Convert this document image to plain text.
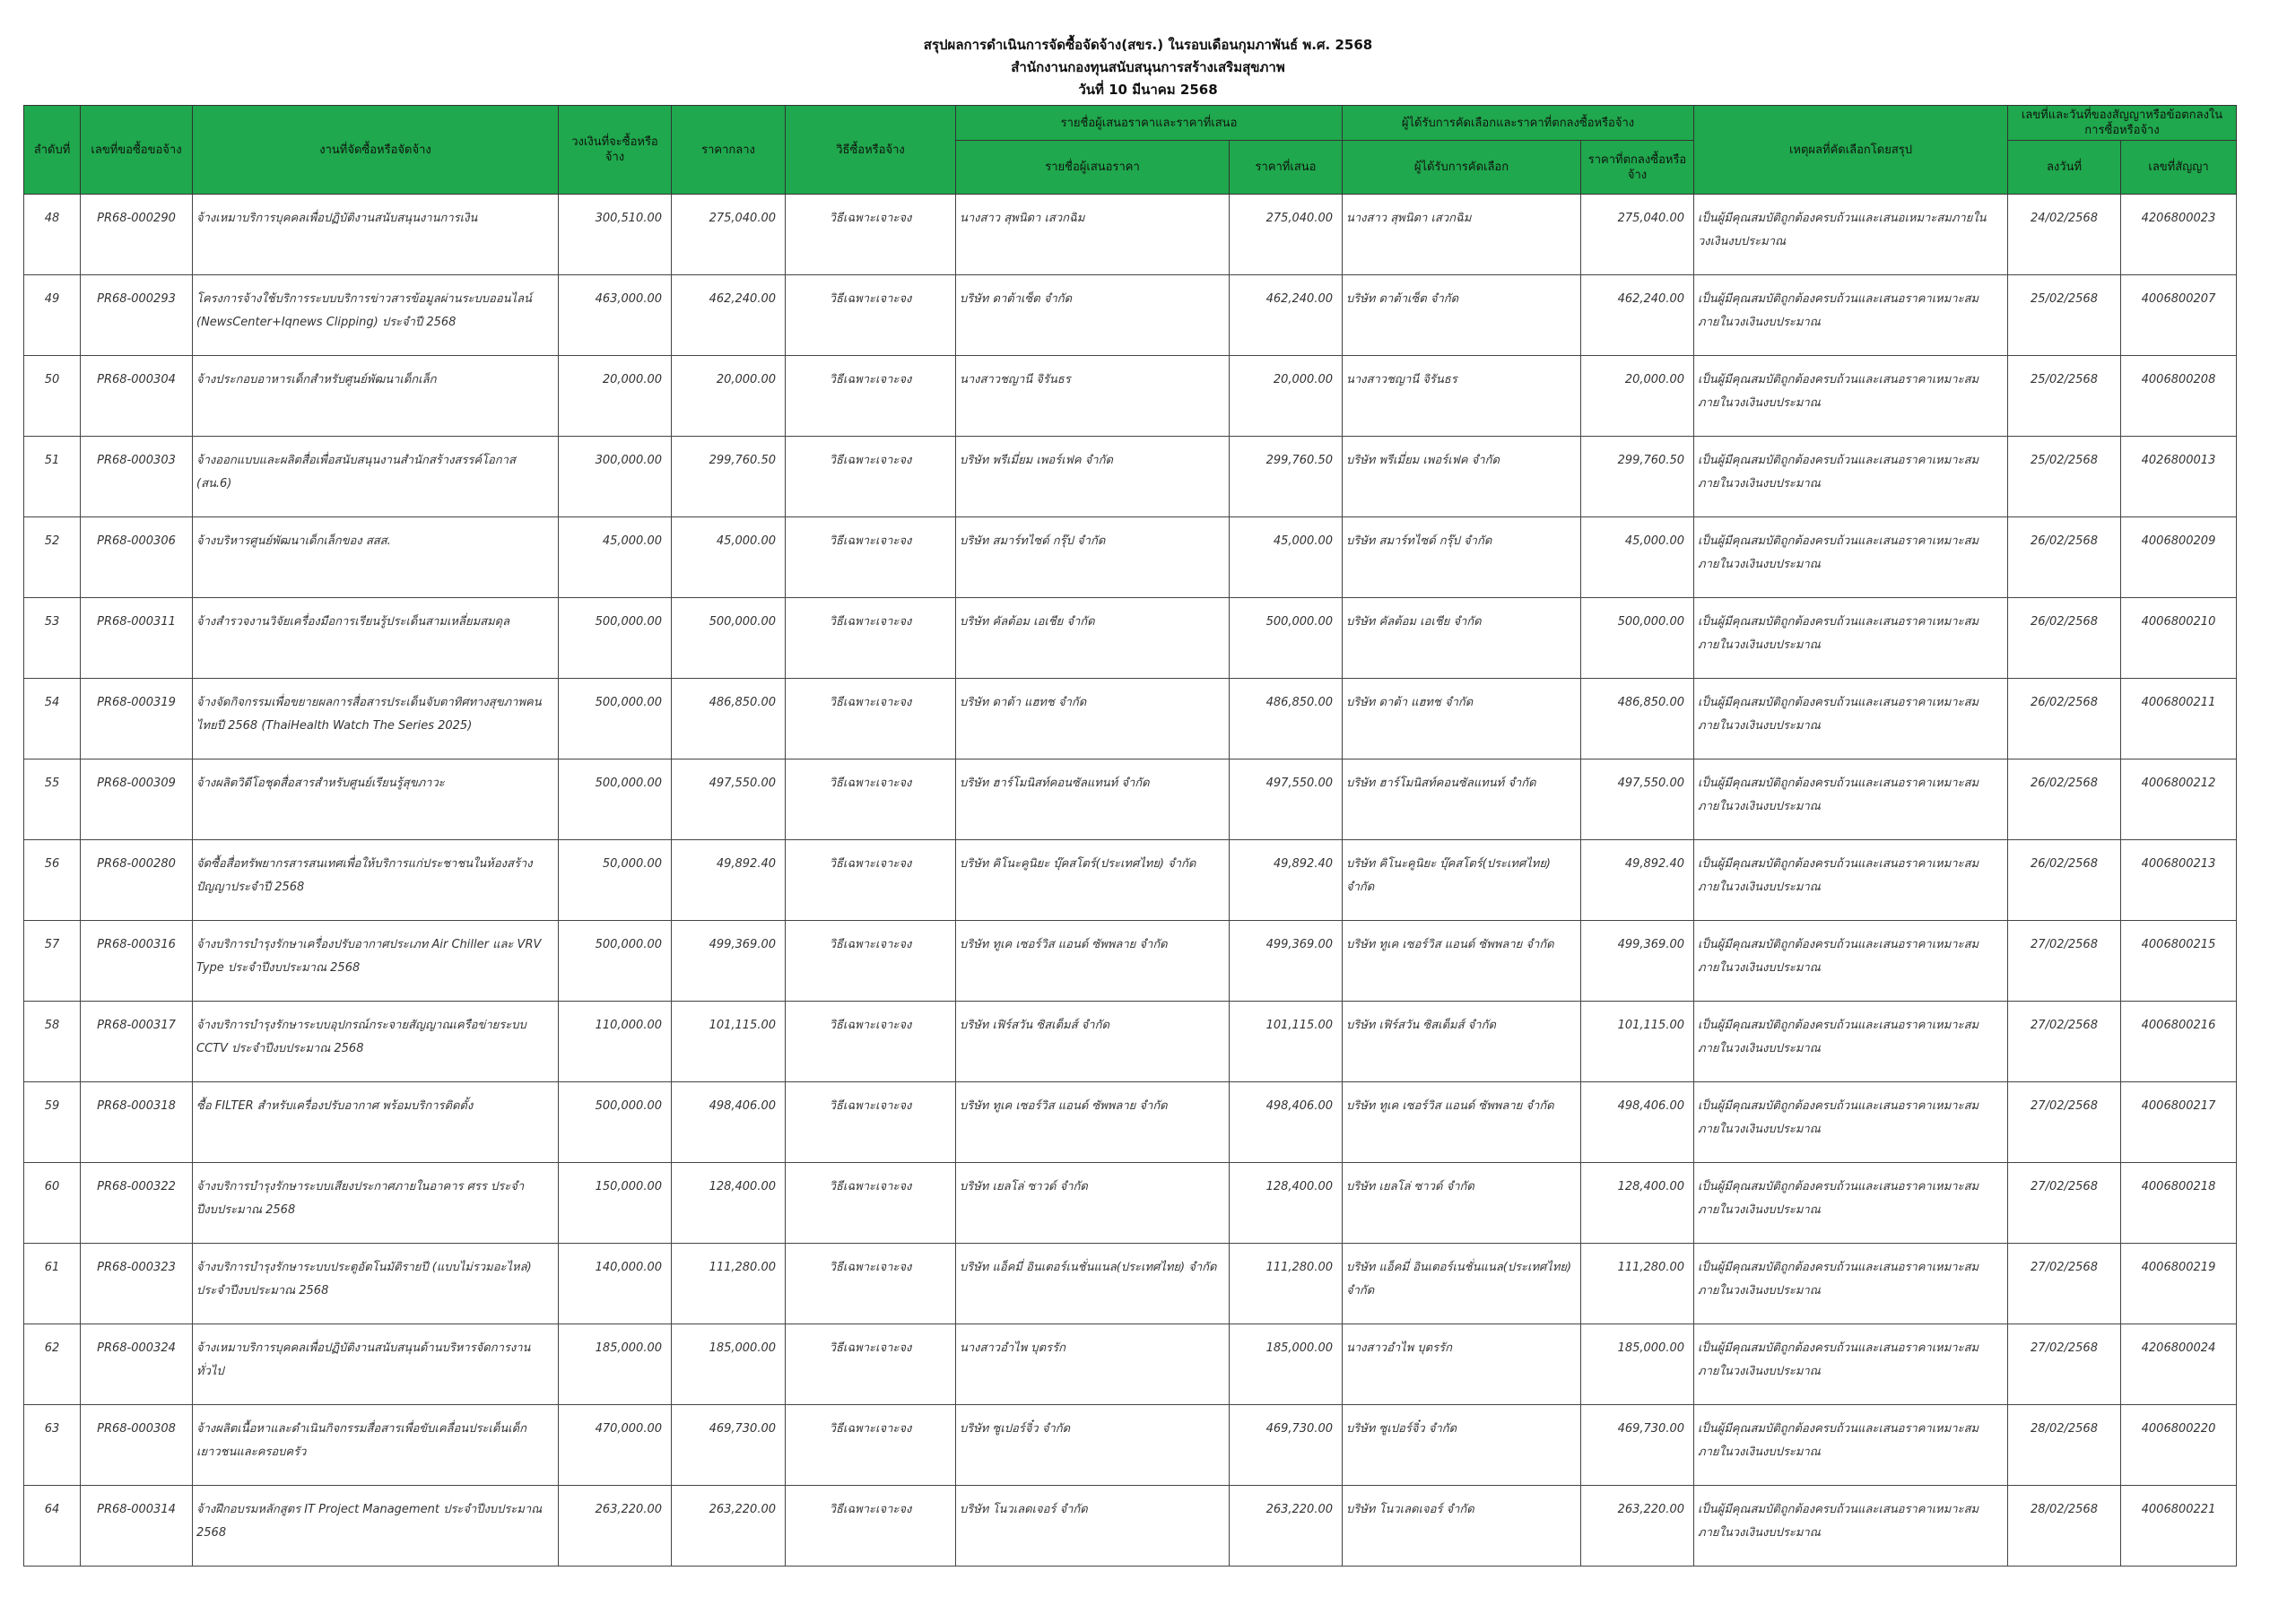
สรุปผลการดำเนินการจัดซื้อจัดจ้าง(สขร.) ในรอบเดือนกุมภาพันธ์ พ.ศ. 2568
สำนักงานกองทุนสนับสนุนการสร้างเสริมสุขภาพ
วันที่ 10 มีนาคม 2568
ลำดับที่	เลขที่ขอซื้อขอจ้าง	งานที่จัดซื้อหรือจัดจ้าง	วงเงินที่จะซื้อหรือจ้าง	ราคากลาง	วิธีซื้อหรือจ้าง	รายชื่อผู้เสนอราคาและราคาที่เสนอ		ผู้ได้รับการคัดเลือกและราคาที่ตกลงซื้อหรือจ้าง		เหตุผลที่คัดเลือกโดยสรุป	เลขที่และวันที่ของสัญญาหรือข้อตกลงในการซื้อหรือจ้าง	
						รายชื่อผู้เสนอราคา	ราคาที่เสนอ	ผู้ได้รับการคัดเลือก	ราคาที่ตกลงซื้อหรือจ้าง		ลงวันที่	เลขที่สัญญา
48	PR68-000290	จ้างเหมาบริการบุคคลเพื่อปฏิบัติงานสนับสนุนงานการเงิน	300,510.00	275,040.00	วิธีเฉพาะเจาะจง	นางสาว สุพนิดา เสวกฉิม	275,040.00	นางสาว สุพนิดา เสวกฉิม	275,040.00	เป็นผู้มีคุณสมบัติถูกต้องครบถ้วนและเสนอเหมาะสมภายในวงเงินงบประมาณ	24/02/2568	4206800023
49	PR68-000293	โครงการจ้างใช้บริการระบบบริการข่าวสารข้อมูลผ่านระบบออนไลน์ (NewsCenter+Iqnews Clipping) ประจำปี 2568	463,000.00	462,240.00	วิธีเฉพาะเจาะจง	บริษัท ดาต้าเซ็ต จำกัด	462,240.00	บริษัท ดาต้าเซ็ต จำกัด	462,240.00	เป็นผู้มีคุณสมบัติถูกต้องครบถ้วนและเสนอราคาเหมาะสมภายในวงเงินงบประมาณ	25/02/2568	4006800207
50	PR68-000304	จ้างประกอบอาหารเด็กสำหรับศูนย์พัฒนาเด็กเล็ก	20,000.00	20,000.00	วิธีเฉพาะเจาะจง	นางสาวชญานี จิรันธร	20,000.00	นางสาวชญานี จิรันธร	20,000.00	เป็นผู้มีคุณสมบัติถูกต้องครบถ้วนและเสนอราคาเหมาะสมภายในวงเงินงบประมาณ	25/02/2568	4006800208
51	PR68-000303	จ้างออกแบบและผลิตสื่อเพื่อสนับสนุนงานสำนักสร้างสรรค์โอกาส (สน.6)	300,000.00	299,760.50	วิธีเฉพาะเจาะจง	บริษัท พรีเมี่ยม เพอร์เฟค จำกัด	299,760.50	บริษัท พรีเมี่ยม เพอร์เฟค จำกัด	299,760.50	เป็นผู้มีคุณสมบัติถูกต้องครบถ้วนและเสนอราคาเหมาะสมภายในวงเงินงบประมาณ	25/02/2568	4026800013
52	PR68-000306	จ้างบริหารศูนย์พัฒนาเด็กเล็กของ สสส.	45,000.00	45,000.00	วิธีเฉพาะเจาะจง	บริษัท สมาร์ทไซด์ กรุ๊ป จำกัด	45,000.00	บริษัท สมาร์ทไซด์ กรุ๊ป จำกัด	45,000.00	เป็นผู้มีคุณสมบัติถูกต้องครบถ้วนและเสนอราคาเหมาะสมภายในวงเงินงบประมาณ	26/02/2568	4006800209
53	PR68-000311	จ้างสำรวจงานวิจัยเครื่องมือการเรียนรู้ประเด็นสามเหลี่ยมสมดุล	500,000.00	500,000.00	วิธีเฉพาะเจาะจง	บริษัท คัลต้อม เอเชีย จำกัด	500,000.00	บริษัท คัลต้อม เอเชีย จำกัด	500,000.00	เป็นผู้มีคุณสมบัติถูกต้องครบถ้วนและเสนอราคาเหมาะสมภายในวงเงินงบประมาณ	26/02/2568	4006800210
54	PR68-000319	จ้างจัดกิจกรรมเพื่อขยายผลการสื่อสารประเด็นจับตาทิศทางสุขภาพคนไทยปี 2568 (ThaiHealth Watch The Series 2025)	500,000.00	486,850.00	วิธีเฉพาะเจาะจง	บริษัท ดาต้า แฮทช จำกัด	486,850.00	บริษัท ดาต้า แฮทช จำกัด	486,850.00	เป็นผู้มีคุณสมบัติถูกต้องครบถ้วนและเสนอราคาเหมาะสมภายในวงเงินงบประมาณ	26/02/2568	4006800211
55	PR68-000309	จ้างผลิตวิดีโอชุดสื่อสารสำหรับศูนย์เรียนรู้สุขภาวะ	500,000.00	497,550.00	วิธีเฉพาะเจาะจง	บริษัท ฮาร์โมนิสท์คอนซัลแทนท์ จำกัด	497,550.00	บริษัท ฮาร์โมนิสท์คอนซัลแทนท์ จำกัด	497,550.00	เป็นผู้มีคุณสมบัติถูกต้องครบถ้วนและเสนอราคาเหมาะสมภายในวงเงินงบประมาณ	26/02/2568	4006800212
56	PR68-000280	จัดซื้อสื่อทรัพยากรสารสนเทศเพื่อให้บริการแก่ประชาชนในห้องสร้างปัญญาประจำปี 2568	50,000.00	49,892.40	วิธีเฉพาะเจาะจง	บริษัท คิโนะคูนิยะ บุ๊คสโตร์(ประเทศไทย) จำกัด	49,892.40	บริษัท คิโนะคูนิยะ บุ๊คสโตร์(ประเทศไทย) จำกัด	49,892.40	เป็นผู้มีคุณสมบัติถูกต้องครบถ้วนและเสนอราคาเหมาะสมภายในวงเงินงบประมาณ	26/02/2568	4006800213
57	PR68-000316	จ้างบริการบำรุงรักษาเครื่องปรับอากาศประเภท Air Chiller และ VRV Type ประจำปีงบประมาณ 2568	500,000.00	499,369.00	วิธีเฉพาะเจาะจง	บริษัท ทูเค เซอร์วิส แอนด์ ซัพพลาย จำกัด	499,369.00	บริษัท ทูเค เซอร์วิส แอนด์ ซัพพลาย จำกัด	499,369.00	เป็นผู้มีคุณสมบัติถูกต้องครบถ้วนและเสนอราคาเหมาะสมภายในวงเงินงบประมาณ	27/02/2568	4006800215
58	PR68-000317	จ้างบริการบำรุงรักษาระบบอุปกรณ์กระจายสัญญาณเครือข่ายระบบ CCTV ประจำปีงบประมาณ 2568	110,000.00	101,115.00	วิธีเฉพาะเจาะจง	บริษัท เฟิร์สวัน ซิสเต็มส์ จำกัด	101,115.00	บริษัท เฟิร์สวัน ซิสเต็มส์ จำกัด	101,115.00	เป็นผู้มีคุณสมบัติถูกต้องครบถ้วนและเสนอราคาเหมาะสมภายในวงเงินงบประมาณ	27/02/2568	4006800216
59	PR68-000318	ซื้อ FILTER สำหรับเครื่องปรับอากาศ พร้อมบริการติดตั้ง	500,000.00	498,406.00	วิธีเฉพาะเจาะจง	บริษัท ทูเค เซอร์วิส แอนด์ ซัพพลาย จำกัด	498,406.00	บริษัท ทูเค เซอร์วิส แอนด์ ซัพพลาย จำกัด	498,406.00	เป็นผู้มีคุณสมบัติถูกต้องครบถ้วนและเสนอราคาเหมาะสมภายในวงเงินงบประมาณ	27/02/2568	4006800217
60	PR68-000322	จ้างบริการบำรุงรักษาระบบเสียงประกาศภายในอาคาร ศรร ประจำปีงบประมาณ 2568	150,000.00	128,400.00	วิธีเฉพาะเจาะจง	บริษัท เยลโล่ ซาวด์ จำกัด	128,400.00	บริษัท เยลโล่ ซาวด์ จำกัด	128,400.00	เป็นผู้มีคุณสมบัติถูกต้องครบถ้วนและเสนอราคาเหมาะสมภายในวงเงินงบประมาณ	27/02/2568	4006800218
61	PR68-000323	จ้างบริการบำรุงรักษาระบบประตูอัตโนมัติรายปี (แบบไม่รวมอะไหล่) ประจำปีงบประมาณ 2568	140,000.00	111,280.00	วิธีเฉพาะเจาะจง	บริษัท แอ็คมี่ อินเตอร์เนชั่นแนล(ประเทศไทย) จำกัด	111,280.00	บริษัท แอ็คมี่ อินเตอร์เนชั่นแนล(ประเทศไทย) จำกัด	111,280.00	เป็นผู้มีคุณสมบัติถูกต้องครบถ้วนและเสนอราคาเหมาะสมภายในวงเงินงบประมาณ	27/02/2568	4006800219
62	PR68-000324	จ้างเหมาบริการบุคคลเพื่อปฏิบัติงานสนับสนุนด้านบริหารจัดการงานทั่วไป	185,000.00	185,000.00	วิธีเฉพาะเจาะจง	นางสาวอำไพ บุตรรัก	185,000.00	นางสาวอำไพ บุตรรัก	185,000.00	เป็นผู้มีคุณสมบัติถูกต้องครบถ้วนและเสนอราคาเหมาะสมภายในวงเงินงบประมาณ	27/02/2568	4206800024
63	PR68-000308	จ้างผลิตเนื้อหาและดำเนินกิจกรรมสื่อสารเพื่อขับเคลื่อนประเด็นเด็กเยาวชนและครอบครัว	470,000.00	469,730.00	วิธีเฉพาะเจาะจง	บริษัท ซูเปอร์จิ๋ว จำกัด	469,730.00	บริษัท ซูเปอร์จิ๋ว จำกัด	469,730.00	เป็นผู้มีคุณสมบัติถูกต้องครบถ้วนและเสนอราคาเหมาะสมภายในวงเงินงบประมาณ	28/02/2568	4006800220
64	PR68-000314	จ้างฝึกอบรมหลักสูตร IT Project Management ประจำปีงบประมาณ 2568	263,220.00	263,220.00	วิธีเฉพาะเจาะจง	บริษัท โนวเลดเจอร์ จำกัด	263,220.00	บริษัท โนวเลดเจอร์ จำกัด	263,220.00	เป็นผู้มีคุณสมบัติถูกต้องครบถ้วนและเสนอราคาเหมาะสมภายในวงเงินงบประมาณ	28/02/2568	4006800221
